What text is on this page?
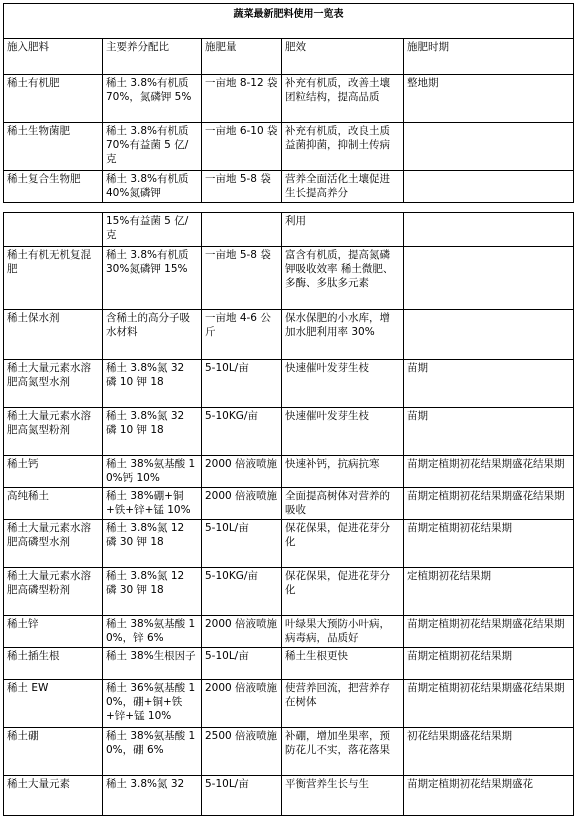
蔬菜最新肥料使用一览表				
施入肥料	主要养分配比	施肥量	肥效	施肥时期
稀土有机肥	稀土 3.8%有机质 70%，氮磷钾 5%	一亩地 8-12 袋	补充有机质，改善土壤团粒结构，提高品质	整地期
稀土生物菌肥	稀土 3.8%有机质 70%有益菌 5 亿/克	一亩地 6-10 袋	补充有机质，改良土质益菌抑菌，抑制土传病	
稀土复合生物肥	稀土 3.8%有机质 40%氮磷钾	一亩地 5-8 袋	营养全面活化土壤促进生长提高养分	
	15%有益菌 5 亿/克		利用	
稀土有机无机复混肥	稀土 3.8%有机质 30%氮磷钾 15%	一亩地 5-8 袋	富含有机质，提高氮磷钾吸收效率 稀土微肥、多酶、多肽多元素	
稀土保水剂	含稀土的高分子吸水材料	一亩地 4-6 公斤	保水保肥的小水库，增加水肥利用率 30%	
稀土大量元素水溶肥高氮型水剂	稀土 3.8%氮 32 磷 10 钾 18	5-10L/亩	快速催叶发芽生枝	苗期
稀土大量元素水溶肥高氮型粉剂	稀土 3.8%氮 32 磷 10 钾 18	5-10KG/亩	快速催叶发芽生枝	苗期
稀土钙	稀土 38%氨基酸 10%钙 10%	2000 倍液喷施	快速补钙，抗病抗寒	苗期定植期初花结果期盛花结果期
高纯稀土	稀土 38%硼+铜+铁+锌+锰 10%	2000 倍液喷施	全面提高树体对营养的吸收	苗期定植期初花结果期盛花结果期
稀土大量元素水溶肥高磷型水剂	稀土 3.8%氮 12 磷 30 钾 18	5-10L/亩	保花保果，促进花芽分化	苗期定植期初花结果期
稀土大量元素水溶肥高磷型粉剂	稀土 3.8%氮 12 磷 30 钾 18	5-10KG/亩	保花保果，促进花芽分化	定植期初花结果期
稀土锌	稀土 38%氨基酸 10%，锌 6%	2000 倍液喷施	叶绿果大预防小叶病，病毒病，品质好	苗期定植期初花结果期盛花结果期
稀土插生根	稀土 38%生根因子	5-10L/亩	稀土生根更快	苗期定植期初花结果期
稀土 EW	稀土 36%氨基酸 10%，硼+铜+铁+锌+锰 10%	2000 倍液喷施	使营养回流，把营养存在树体	苗期定植期初花结果期盛花结果期
稀土硼	稀土 38%氨基酸 10%，硼 6%	2500 倍液喷施	补硼，增加坐果率，预防花儿不实，落花落果	初花结果期盛花结果期
稀土大量元素	稀土 3.8%氮 32	5-10L/亩	平衡营养生长与生	苗期定植期初花结果期盛花
